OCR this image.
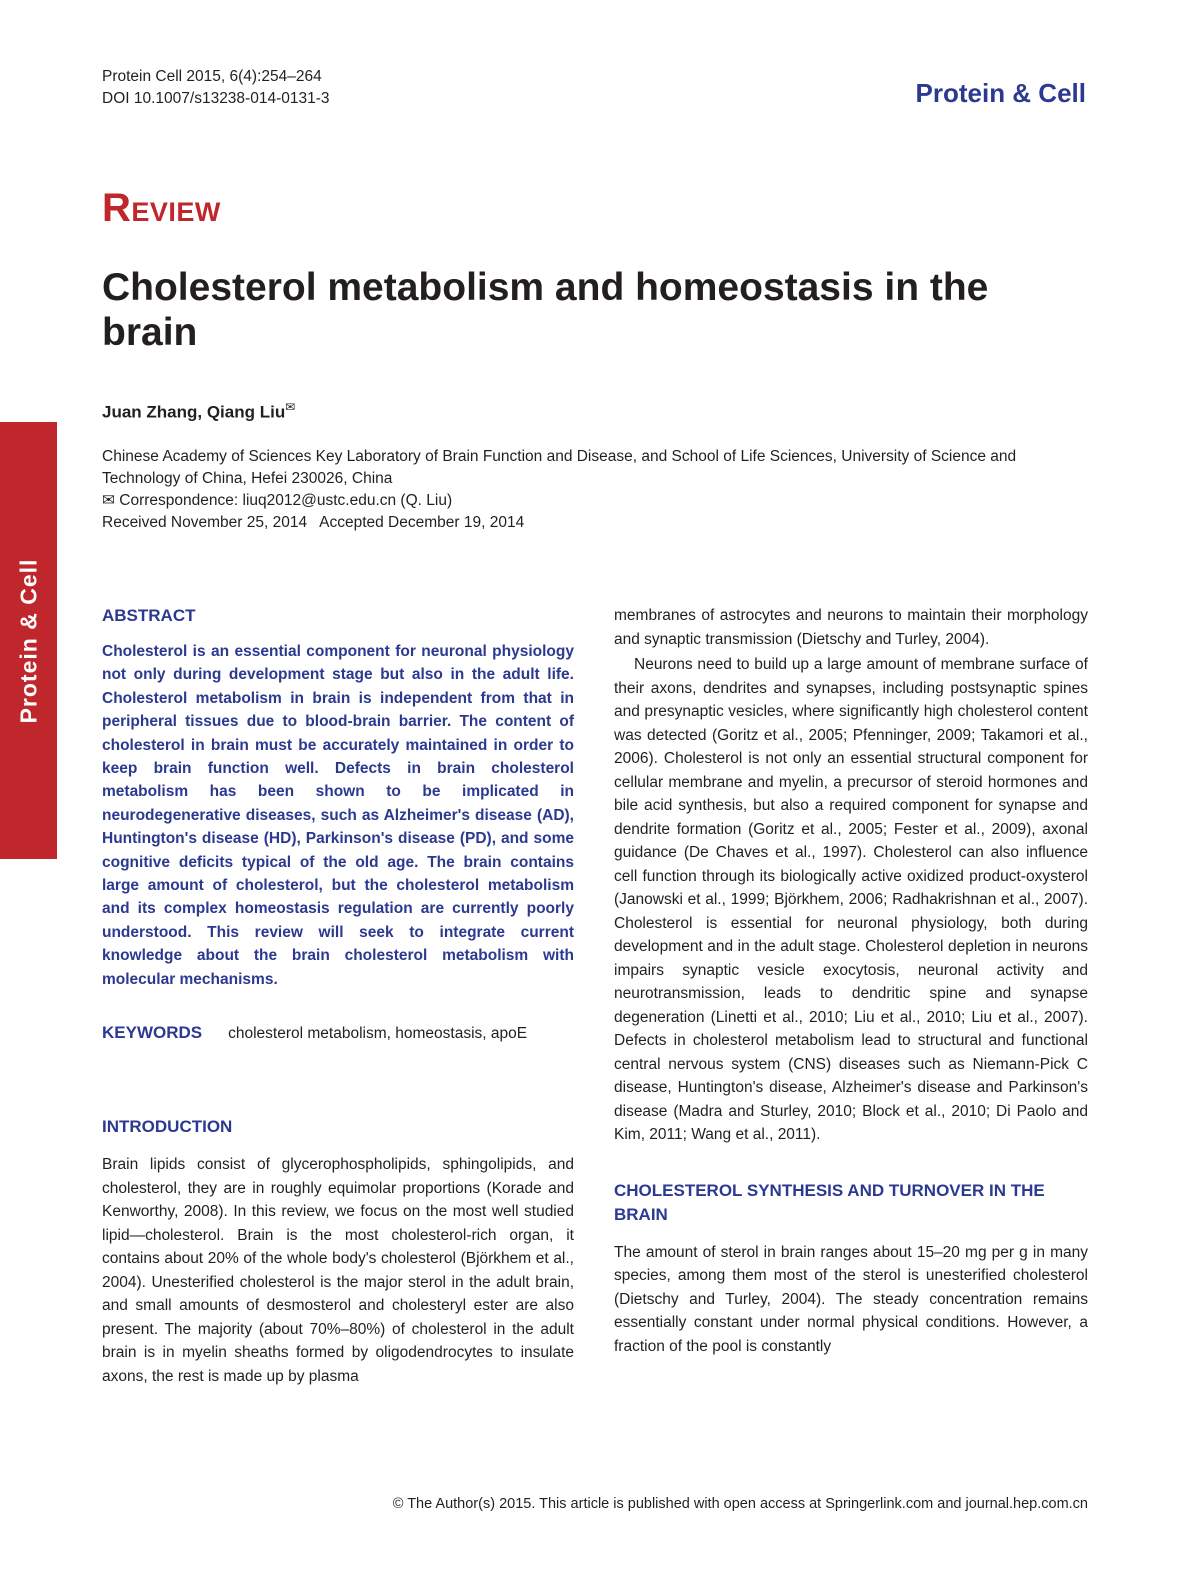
Protein Cell 2015, 6(4):254–264
DOI 10.1007/s13238-014-0131-3	Protein & Cell
Protein & Cell
REVIEW
Cholesterol metabolism and homeostasis in the brain
Juan Zhang, Qiang Liu✉
Chinese Academy of Sciences Key Laboratory of Brain Function and Disease, and School of Life Sciences, University of Science and Technology of China, Hefei 230026, China
✉ Correspondence: liuq2012@ustc.edu.cn (Q. Liu)
Received November 25, 2014   Accepted December 19, 2014
ABSTRACT

Cholesterol is an essential component for neuronal physiology not only during development stage but also in the adult life. Cholesterol metabolism in brain is independent from that in peripheral tissues due to blood-brain barrier. The content of cholesterol in brain must be accurately maintained in order to keep brain function well. Defects in brain cholesterol metabolism has been shown to be implicated in neurodegenerative diseases, such as Alzheimer's disease (AD), Huntington's disease (HD), Parkinson's disease (PD), and some cognitive deficits typical of the old age. The brain contains large amount of cholesterol, but the cholesterol metabolism and its complex homeostasis regulation are currently poorly understood. This review will seek to integrate current knowledge about the brain cholesterol metabolism with molecular mechanisms.

KEYWORDS cholesterol metabolism, homeostasis, apoE
INTRODUCTION

Brain lipids consist of glycerophospholipids, sphingolipids, and cholesterol, they are in roughly equimolar proportions (Korade and Kenworthy, 2008). In this review, we focus on the most well studied lipid—cholesterol. Brain is the most cholesterol-rich organ, it contains about 20% of the whole body's cholesterol (Björkhem et al., 2004). Unesterified cholesterol is the major sterol in the adult brain, and small amounts of desmosterol and cholesteryl ester are also present. The majority (about 70%–80%) of cholesterol in the adult brain is in myelin sheaths formed by oligodendrocytes to insulate axons, the rest is made up by plasma

membranes of astrocytes and neurons to maintain their morphology and synaptic transmission (Dietschy and Turley, 2004).

Neurons need to build up a large amount of membrane surface of their axons, dendrites and synapses, including postsynaptic spines and presynaptic vesicles, where significantly high cholesterol content was detected (Goritz et al., 2005; Pfenninger, 2009; Takamori et al., 2006). Cholesterol is not only an essential structural component for cellular membrane and myelin, a precursor of steroid hormones and bile acid synthesis, but also a required component for synapse and dendrite formation (Goritz et al., 2005; Fester et al., 2009), axonal guidance (De Chaves et al., 1997). Cholesterol can also influence cell function through its biologically active oxidized product-oxysterol (Janowski et al., 1999; Björkhem, 2006; Radhakrishnan et al., 2007). Cholesterol is essential for neuronal physiology, both during development and in the adult stage. Cholesterol depletion in neurons impairs synaptic vesicle exocytosis, neuronal activity and neurotransmission, leads to dendritic spine and synapse degeneration (Linetti et al., 2010; Liu et al., 2010; Liu et al., 2007). Defects in cholesterol metabolism lead to structural and functional central nervous system (CNS) diseases such as Niemann-Pick C disease, Huntington's disease, Alzheimer's disease and Parkinson's disease (Madra and Sturley, 2010; Block et al., 2010; Di Paolo and Kim, 2011; Wang et al., 2011).

CHOLESTEROL SYNTHESIS AND TURNOVER IN THE BRAIN

The amount of sterol in brain ranges about 15–20 mg per g in many species, among them most of the sterol is unesterified cholesterol (Dietschy and Turley, 2004). The steady concentration remains essentially constant under normal physical conditions. However, a fraction of the pool is constantly

© The Author(s) 2015. This article is published with open access at Springerlink.com and journal.hep.com.cn
